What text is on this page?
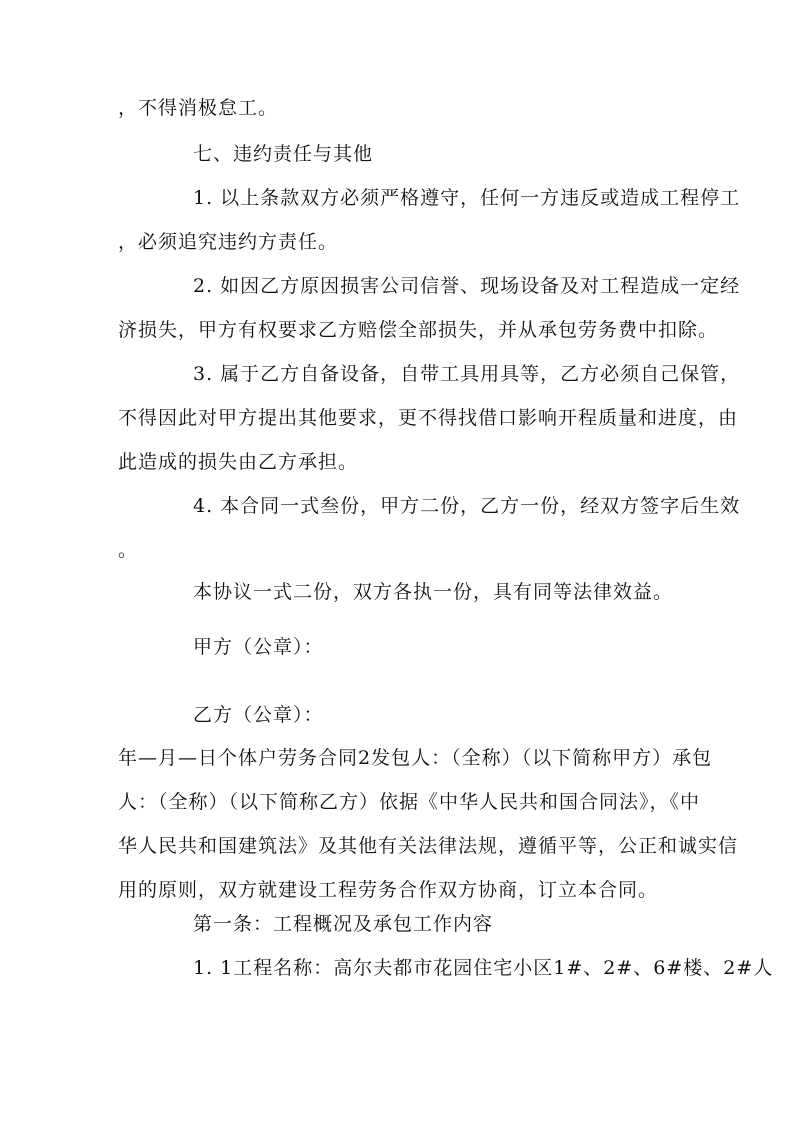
，不得消极怠工。
七、违约责任与其他
1. 以上条款双方必须严格遵守，任何一方违反或造成工程停工
，必须追究违约方责任。
2. 如因乙方原因损害公司信誉、现场设备及对工程造成一定经
济损失，甲方有权要求乙方赔偿全部损失，并从承包劳务费中扣除。
3. 属于乙方自备设备，自带工具用具等，乙方必须自己保管，
不得因此对甲方提出其他要求，更不得找借口影响开程质量和进度，由
此造成的损失由乙方承担。
4. 本合同一式叁份，甲方二份，乙方一份，经双方签字后生效
。
本协议一式二份，双方各执一份，具有同等法律效益。
甲方（公章）：
乙方（公章）：
年—月—日个体户劳务合同2发包人：（全称）（以下简称甲方）承包
人：（全称）（以下简称乙方）依据《中华人民共和国合同法》，《中
华人民共和国建筑法》及其他有关法律法规，遵循平等，公正和诚实信
用的原则，双方就建设工程劳务合作双方协商，订立本合同。
第一条：工程概况及承包工作内容
1. 1工程名称：高尔夫都市花园住宅小区1#、2#、6#楼、2#人
